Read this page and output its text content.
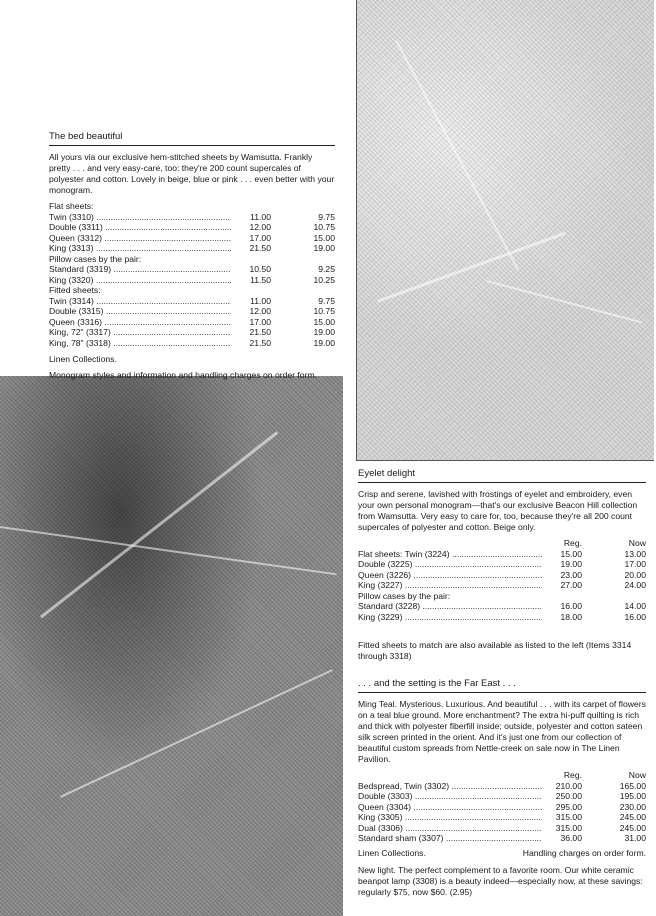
The bed beautiful

All yours via our exclusive hem-stitched sheets by Wamsutta. Frankly pretty . . . and very easy-care, too: they're 200 count supercales of polyester and cotton. Lovely in beige, blue or pink . . . even better with your monogram.

Flat sheets:			
Twin (3310) .....	11.00		9.75
Double (3311) .....	12.00		10.75
Queen (3312) .....	17.00		15.00
King (3313) .....	21.50		19.00
Pillow cases by the pair:			
Standard (3319) .....	10.50		9.25
King (3320) .....	11.50		10.25
Fitted sheets:			
Twin (3314) .....	11.00		9.75
Double (3315) .....	12.00		10.75
Queen (3316) .....	17.00		15.00
King, 72" (3317) .....	21.50		19.00
King, 78" (3318) .....	21.50		19.00

Linen Collections.

Monogram styles and information and handling charges on order form.

Eyelet delight

Crisp and serene, lavished with frostings of eyelet and embroidery, even your own personal monogram—that's our exclusive Beacon Hill collection from Wamsutta. Very easy to care for, too, because they're all 200 count supercales of polyester and cotton. Beige only.

	Reg.		Now
Flat sheets: Twin (3224) .....	15.00		13.00
Double (3225) .....	19.00		17.00
Queen (3226) .....	23.00		20.00
King (3227) .....	27.00		24.00
Pillow cases by the pair:			
Standard (3228) .....	16.00		14.00
King (3229) .....	18.00		16.00

Fitted sheets to match are also available as listed to the left (Items 3314 through 3318)

. . . and the setting is the Far East . . .

Ming Teal. Mysterious. Luxurious. And beautiful . . . with its carpet of flowers on a teal blue ground. More enchantment? The extra hi-puff quilting is rich and thick with polyester fiberfill inside; outside, polyester and cotton sateen silk screen printed in the orient. And it's just one from our collection of beautiful custom spreads from Nettle-creek on sale now in The Linen Pavilion.

	Reg.		Now
Bedspread, Twin (3302) .....	210.00		165.00
Double (3303) .....	250.00		195.00
Queen (3304) .....	295.00		230.00
King (3305) .....	315.00		245.00
Dual (3306) .....	315.00		245.00
Standard sham (3307) .....	36.00		31.00
Linen Collections.	Handling charges on order form.

New light. The perfect complement to a favorite room. Our white ceramic beanpot lamp (3308) is a beauty indeed—especially now, at these savings: regularly $75, now $60. (2.95)
